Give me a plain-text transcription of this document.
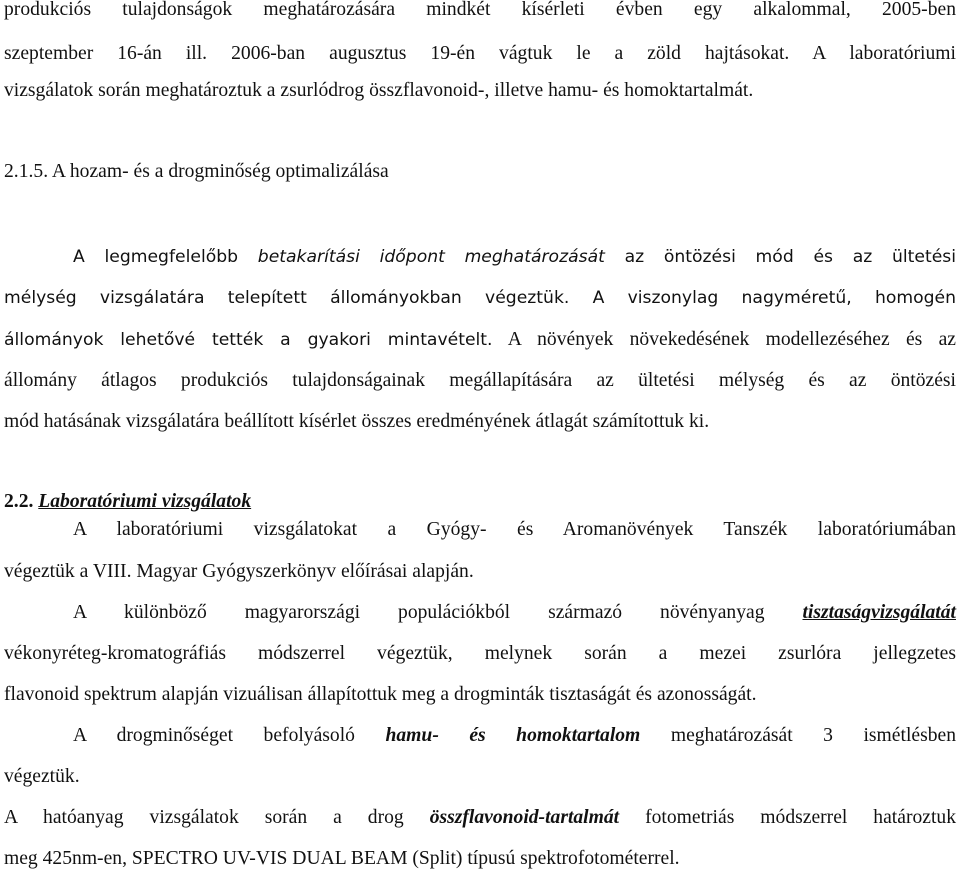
produkciós tulajdonságok meghatározására mindkét kísérleti évben egy alkalommal, 2005-ben
szeptember 16-án ill. 2006-ban augusztus 19-én vágtuk le a zöld hajtásokat. A laboratóriumi
vizsgálatok során meghatároztuk a zsurlódrog összflavonoid-, illetve hamu- és homoktartalmát.
2.1.5. A hozam- és a drogminőség optimalizálása
A legmegfelelőbb betakarítási időpont meghatározását az öntözési mód és az ültetési
mélység vizsgálatára telepített állományokban végeztük. A viszonylag nagyméretű, homogén
állományok lehetővé tették a gyakori mintavételt. A növények növekedésének modellezéséhez és az
állomány átlagos produkciós tulajdonságainak megállapítására az ültetési mélység és az öntözési
mód hatásának vizsgálatára beállított kísérlet összes eredményének átlagát számítottuk ki.
2.2. Laboratóriumi vizsgálatok
A laboratóriumi vizsgálatokat a Gyógy- és Aromanövények Tanszék laboratóriumában
végeztük a VIII. Magyar Gyógyszerkönyv előírásai alapján.
A különböző magyarországi populációkból származó növényanyag tisztaságvizsgálatát
vékonyréteg-kromatográfiás módszerrel végeztük, melynek során a mezei zsurlóra jellegzetes
flavonoid spektrum alapján vizuálisan állapítottuk meg a drogminták tisztaságát és azonosságát.
A drogminőséget befolyásoló hamu- és homoktartalom meghatározását 3 ismétlésben
végeztük.
A hatóanyag vizsgálatok során a drog összflavonoid-tartalmát fotometriás módszerrel határoztuk
meg 425nm-en, SPECTRO UV-VIS DUAL BEAM (Split) típusú spektrofotométerrel.
